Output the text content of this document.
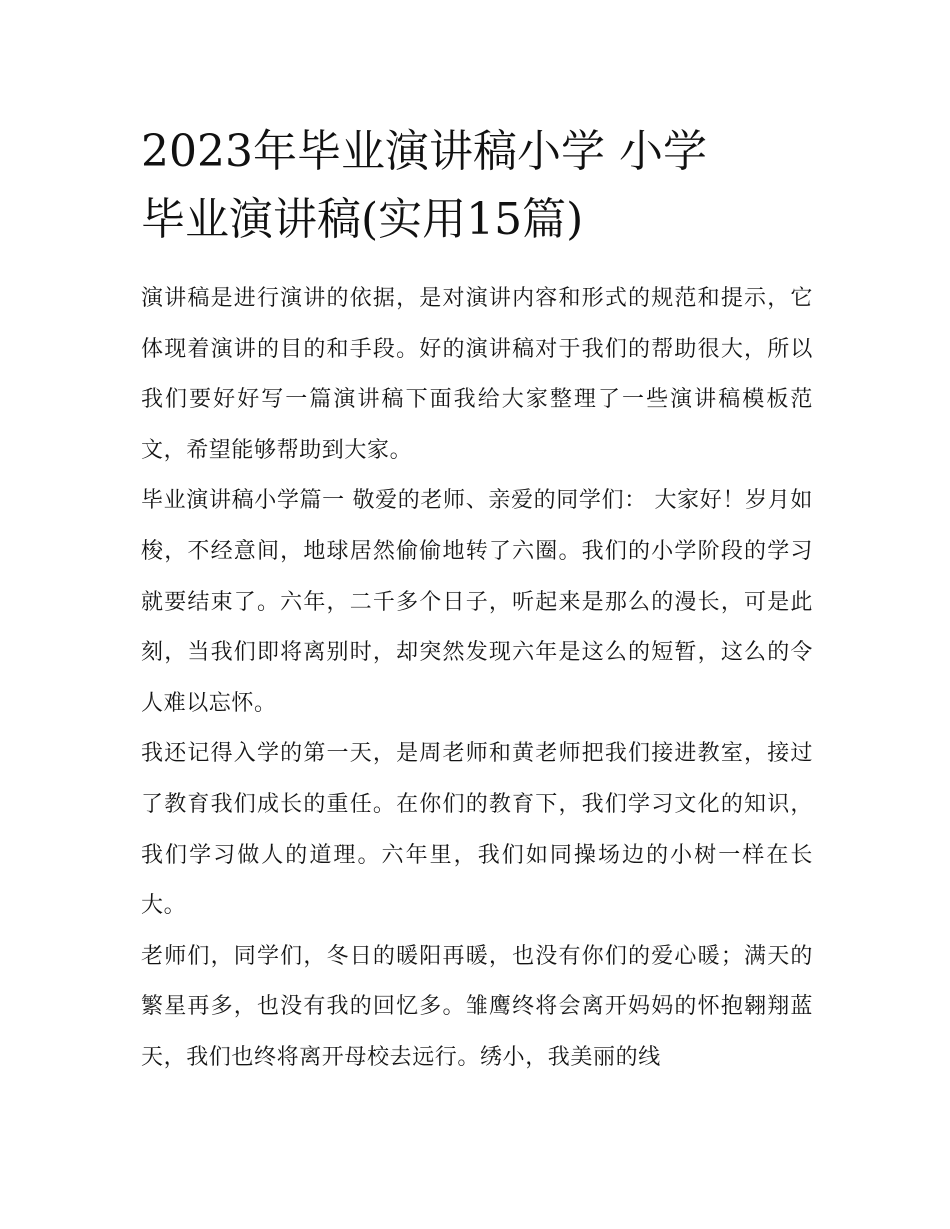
2023年毕业演讲稿小学 小学
毕业演讲稿(实用15篇)

演讲稿是进行演讲的依据，是对演讲内容和形式的规范和提示，它体现着演讲的目的和手段。好的演讲稿对于我们的帮助很大，所以我们要好好写一篇演讲稿下面我给大家整理了一些演讲稿模板范文，希望能够帮助到大家。

毕业演讲稿小学篇一 敬爱的老师、亲爱的同学们： 大家好！岁月如梭，不经意间，地球居然偷偷地转了六圈。我们的小学阶段的学习就要结束了。六年，二千多个日子，听起来是那么的漫长，可是此刻，当我们即将离别时，却突然发现六年是这么的短暂，这么的令人难以忘怀。

我还记得入学的第一天，是周老师和黄老师把我们接进教室，接过了教育我们成长的重任。在你们的教育下，我们学习文化的知识，我们学习做人的道理。六年里，我们如同操场边的小树一样在长大。

老师们，同学们，冬日的暖阳再暖，也没有你们的爱心暖；满天的繁星再多，也没有我的回忆多。雏鹰终将会离开妈妈的怀抱翱翔蓝天，我们也终将离开母校去远行。绣小，我美丽的线
